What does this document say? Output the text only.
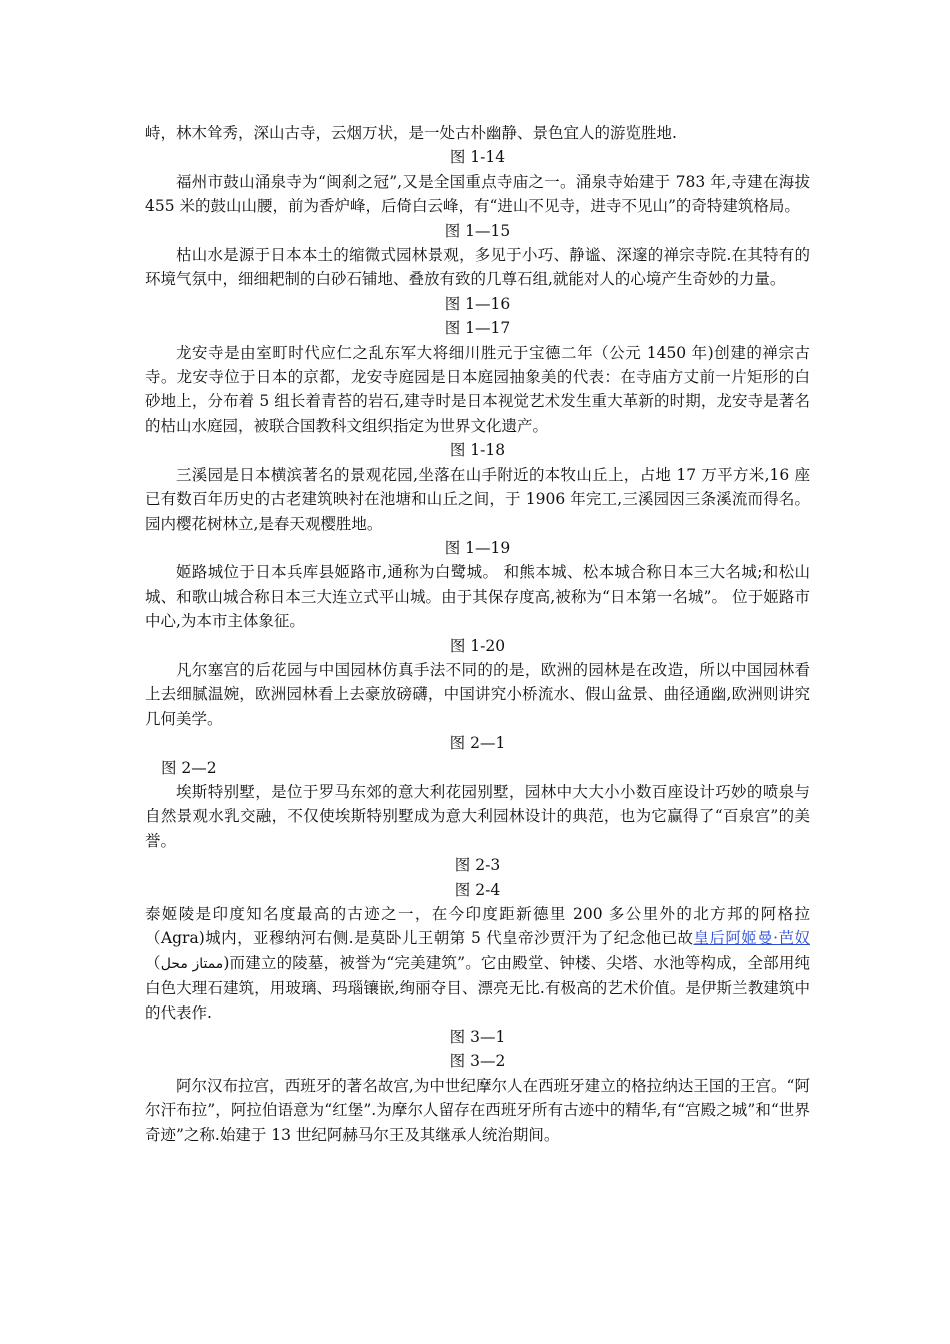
峙，林木耸秀，深山古寺，云烟万状，是一处古朴幽静、景色宜人的游览胜地.

图 1-14

福州市鼓山涌泉寺为“闽刹之冠”,又是全国重点寺庙之一。涌泉寺始建于 783 年,寺建在海拔 455 米的鼓山山腰，前为香炉峰，后倚白云峰，有“进山不见寺，进寺不见山”的奇特建筑格局。

图 1—15

枯山水是源于日本本土的缩微式园林景观，多见于小巧、静谧、深邃的禅宗寺院.在其特有的环境气氛中，细细耙制的白砂石铺地、叠放有致的几尊石组,就能对人的心境产生奇妙的力量。

图 1—16

图 1—17

龙安寺是由室町时代应仁之乱东军大将细川胜元于宝德二年（公元 1450 年)创建的禅宗古寺。龙安寺位于日本的京都，龙安寺庭园是日本庭园抽象美的代表：在寺庙方丈前一片矩形的白砂地上，分布着 5 组长着青苔的岩石,建寺时是日本视觉艺术发生重大革新的时期，龙安寺是著名的枯山水庭园，被联合国教科文组织指定为世界文化遗产。

图 1-18

三溪园是日本横滨著名的景观花园,坐落在山手附近的本牧山丘上，占地 17 万平方米,16 座已有数百年历史的古老建筑映衬在池塘和山丘之间，于 1906 年完工,三溪园因三条溪流而得名。园内樱花树林立,是春天观樱胜地。

图 1—19

姬路城位于日本兵库县姬路市,通称为白鹭城。 和熊本城、松本城合称日本三大名城;和松山城、和歌山城合称日本三大连立式平山城。由于其保存度高,被称为“日本第一名城”。 位于姬路市中心,为本市主体象征。

图 1-20

凡尔塞宫的后花园与中国园林仿真手法不同的的是，欧洲的园林是在改造，所以中国园林看上去细腻温婉，欧洲园林看上去豪放磅礴，中国讲究小桥流水、假山盆景、曲径通幽,欧洲则讲究几何美学。

图 2—1

图 2—2

埃斯特别墅，是位于罗马东郊的意大利花园别墅，园林中大大小小数百座设计巧妙的喷泉与自然景观水乳交融，不仅使埃斯特别墅成为意大利园林设计的典范，也为它赢得了“百泉宫”的美誉。

图 2-3

图 2-4

泰姬陵是印度知名度最高的古迹之一，在今印度距新德里 200 多公里外的北方邦的阿格拉（Agra)城内，亚穆纳河右侧.是莫卧儿王朝第 5 代皇帝沙贾汗为了纪念他已故皇后阿姬曼·芭奴（ممتاز محل)而建立的陵墓，被誉为“完美建筑”。它由殿堂、钟楼、尖塔、水池等构成，全部用纯白色大理石建筑，用玻璃、玛瑙镶嵌,绚丽夺目、漂亮无比.有极高的艺术价值。是伊斯兰教建筑中的代表作.

图 3—1

图 3—2

阿尔汉布拉宫，西班牙的著名故宫,为中世纪摩尔人在西班牙建立的格拉纳达王国的王宫。“阿尔汗布拉”，阿拉伯语意为“红堡”.为摩尔人留存在西班牙所有古迹中的精华,有“宫殿之城”和“世界奇迹”之称.始建于 13 世纪阿赫马尔王及其继承人统治期间。
